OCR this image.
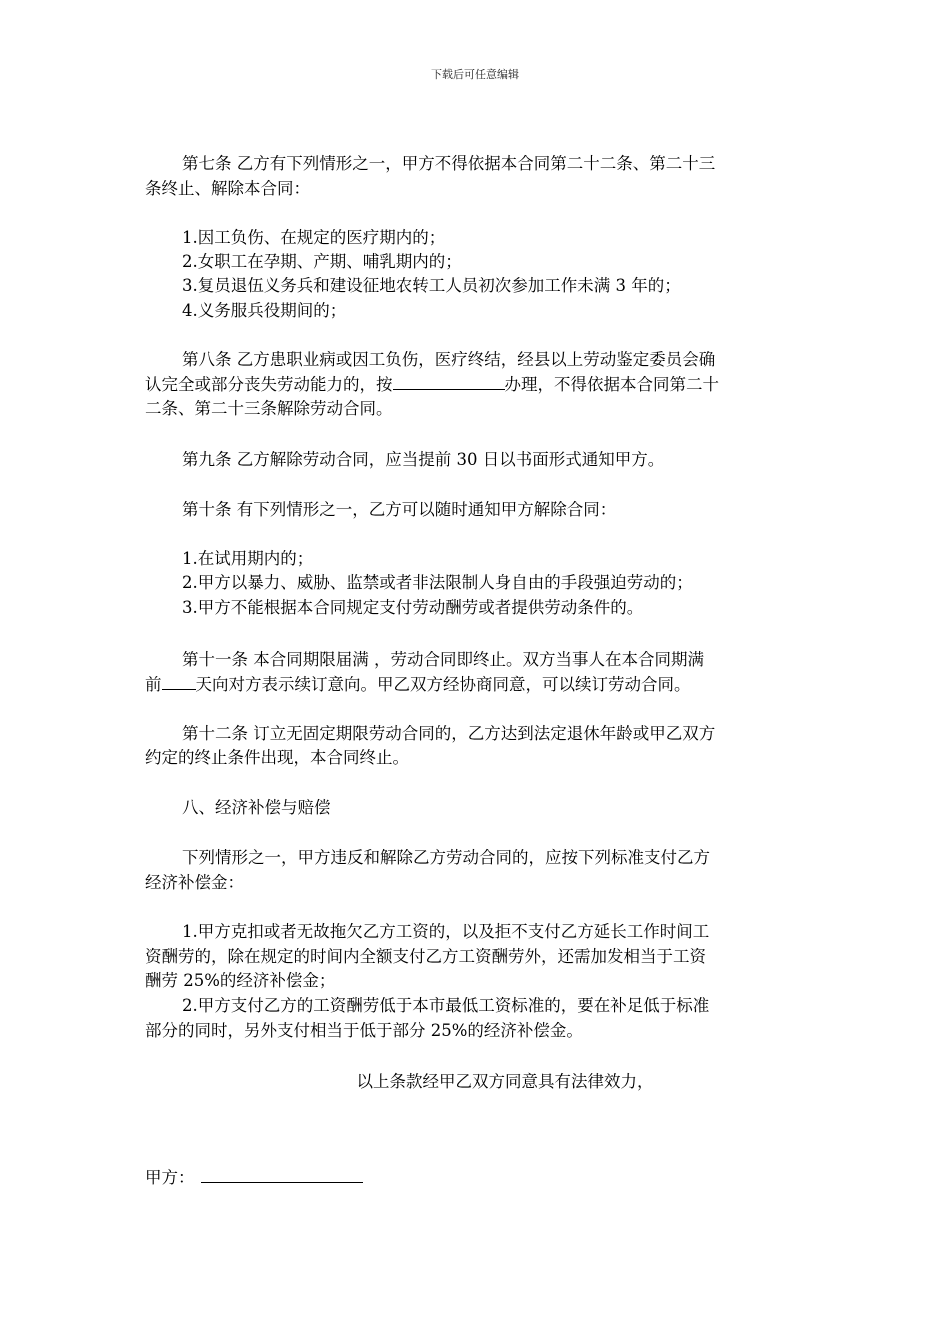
下载后可任意编辑
第七条 乙方有下列情形之一，甲方不得依据本合同第二十二条、第二十三
条终止、解除本合同：
1.因工负伤、在规定的医疗期内的；
2.女职工在孕期、产期、哺乳期内的；
3.复员退伍义务兵和建设征地农转工人员初次参加工作未满 3 年的；
4.义务服兵役期间的；
第八条 乙方患职业病或因工负伤，医疗终结，经县以上劳动鉴定委员会确
认完全或部分丧失劳动能力的，按	办理，不得依据本合同第二十
二条、第二十三条解除劳动合同。
第九条 乙方解除劳动合同，应当提前 30 日以书面形式通知甲方。
第十条 有下列情形之一，乙方可以随时通知甲方解除合同：
1.在试用期内的；
2.甲方以暴力、威胁、监禁或者非法限制人身自由的手段强迫劳动的；
3.甲方不能根据本合同规定支付劳动酬劳或者提供劳动条件的。
第十一条 本合同期限届满 ，劳动合同即终止。双方当事人在本合同期满
前 天向对方表示续订意向。甲乙双方经协商同意，可以续订劳动合同。
第十二条 订立无固定期限劳动合同的，乙方达到法定退休年龄或甲乙双方
约定的终止条件出现，本合同终止。
八、经济补偿与赔偿
下列情形之一，甲方违反和解除乙方劳动合同的，应按下列标准支付乙方
经济补偿金：
1.甲方克扣或者无故拖欠乙方工资的，以及拒不支付乙方延长工作时间工
资酬劳的，除在规定的时间内全额支付乙方工资酬劳外，还需加发相当于工资
酬劳 25%的经济补偿金；
2.甲方支付乙方的工资酬劳低于本市最低工资标准的，要在补足低于标准
部分的同时，另外支付相当于低于部分 25%的经济补偿金。
以上条款经甲乙双方同意具有法律效力，
甲方：
